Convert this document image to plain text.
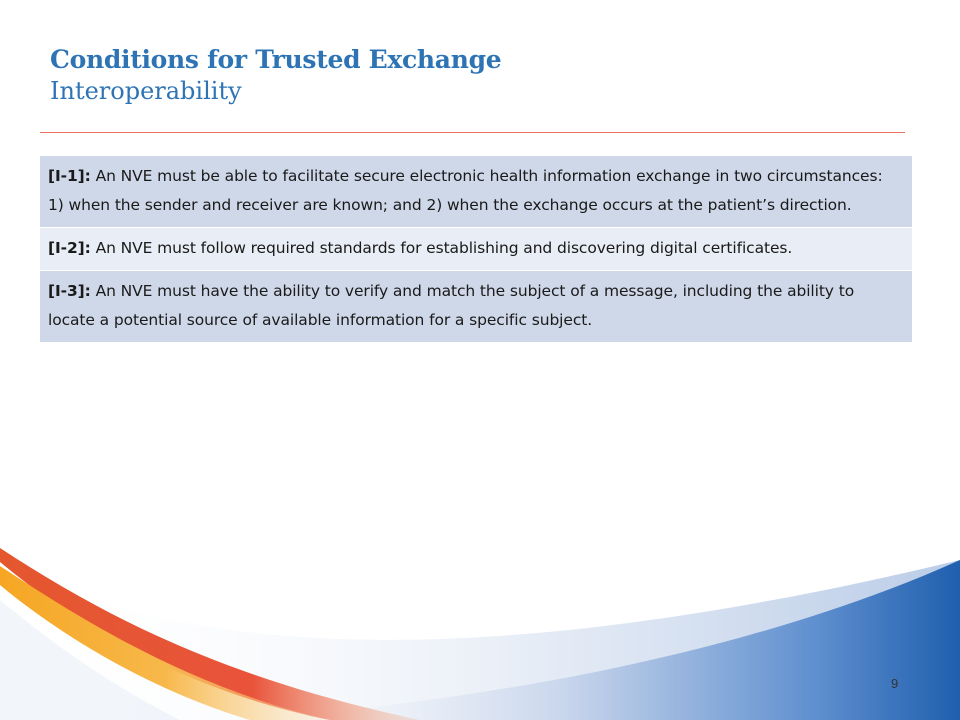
Conditions for Trusted Exchange
Interoperability
[I-1]: An NVE must be able to facilitate secure electronic health information exchange in two circumstances: 1) when the sender and receiver are known; and 2) when the exchange occurs at the patient’s direction.
[I-2]: An NVE must follow required standards for establishing and discovering digital certificates.
[I-3]: An NVE must have the ability to verify and match the subject of a message, including the ability to locate a potential source of available information for a specific subject.
9
